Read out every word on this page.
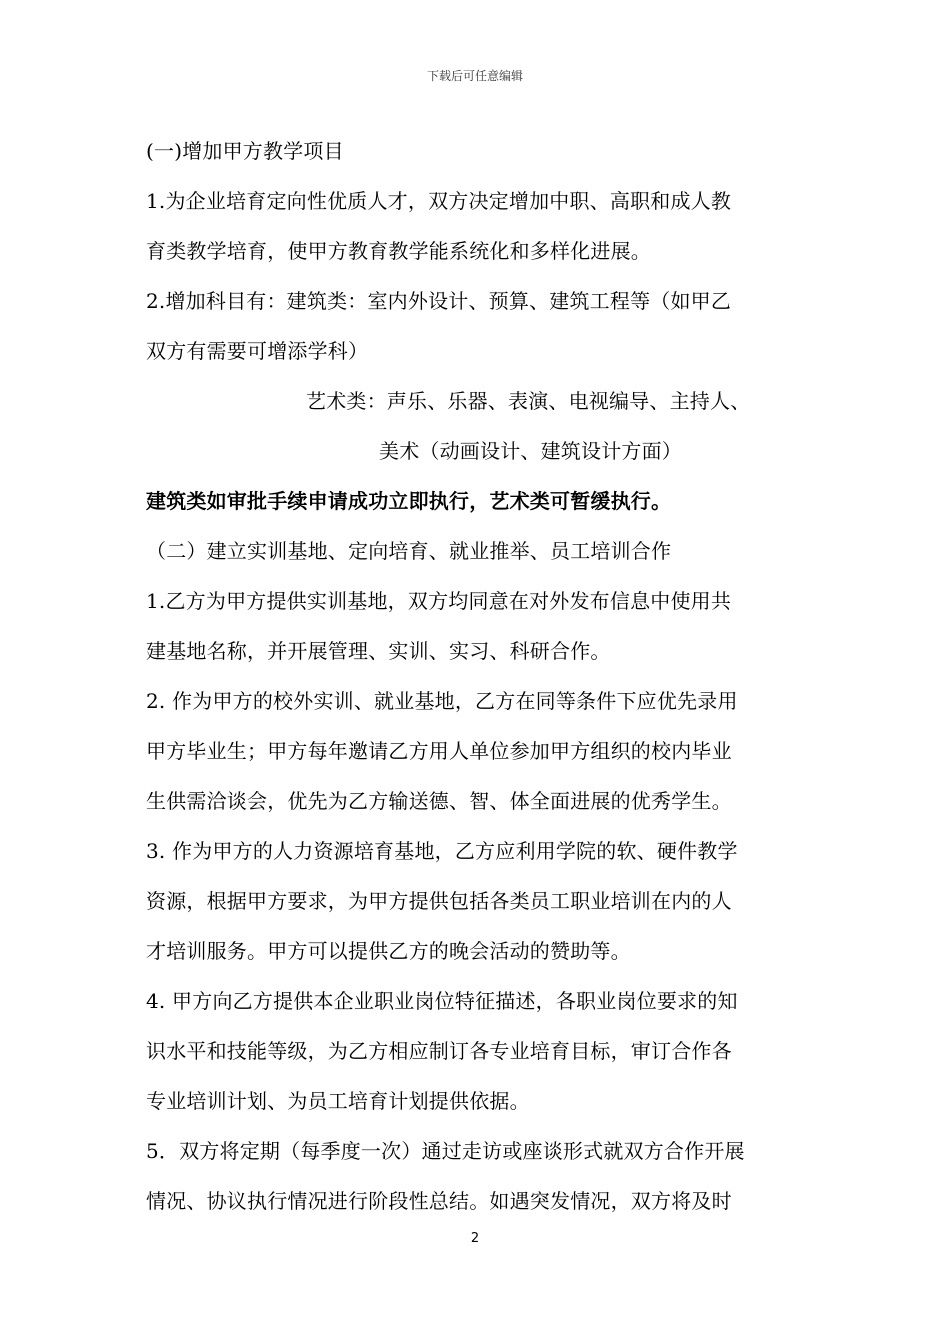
下载后可任意编辑
(一)增加甲方教学项目
1.为企业培育定向性优质人才，双方决定增加中职、高职和成人教
育类教学培育，使甲方教育教学能系统化和多样化进展。
2.增加科目有：建筑类：室内外设计、预算、建筑工程等（如甲乙
双方有需要可增添学科）
艺术类：声乐、乐器、表演、电视编导、主持人、
美术（动画设计、建筑设计方面）
建筑类如审批手续申请成功立即执行，艺术类可暂缓执行。
（二）建立实训基地、定向培育、就业推举、员工培训合作
1.乙方为甲方提供实训基地，双方均同意在对外发布信息中使用共
建基地名称，并开展管理、实训、实习、科研合作。
2. 作为甲方的校外实训、就业基地，乙方在同等条件下应优先录用
甲方毕业生；甲方每年邀请乙方用人单位参加甲方组织的校内毕业
生供需洽谈会，优先为乙方输送德、智、体全面进展的优秀学生。
3. 作为甲方的人力资源培育基地，乙方应利用学院的软、硬件教学
资源，根据甲方要求，为甲方提供包括各类员工职业培训在内的人
才培训服务。甲方可以提供乙方的晚会活动的赞助等。
4. 甲方向乙方提供本企业职业岗位特征描述，各职业岗位要求的知
识水平和技能等级，为乙方相应制订各专业培育目标，审订合作各
专业培训计划、为员工培育计划提供依据。
5．双方将定期（每季度一次）通过走访或座谈形式就双方合作开展
情况、协议执行情况进行阶段性总结。如遇突发情况，双方将及时
2
